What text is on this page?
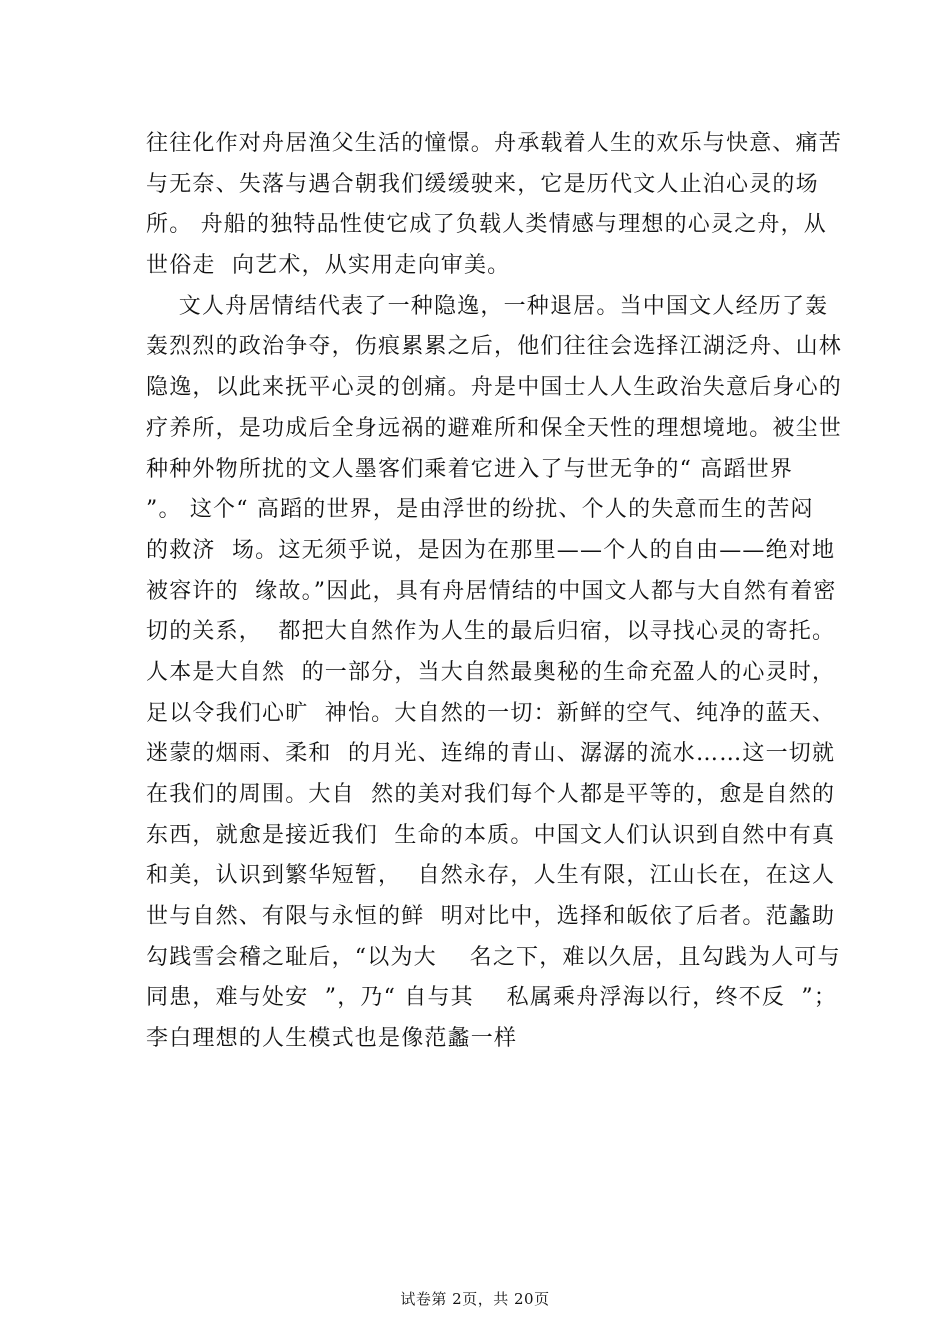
往往化作对舟居渔父生活的憧憬。舟承载着人生的欢乐与快意、痛苦
与无奈、失落与遇合朝我们缓缓驶来，它是历代文人止泊心灵的场
所。 舟船的独特品性使它成了负载人类情感与理想的心灵之舟，从
世俗走  向艺术，从实用走向审美。
文人舟居情结代表了一种隐逸，一种退居。当中国文人经历了轰
轰烈烈的政治争夺，伤痕累累之后，他们往往会选择江湖泛舟、山林
隐逸，以此来抚平心灵的创痛。舟是中国士人人生政治失意后身心的
疗养所，是功成后全身远祸的避难所和保全天性的理想境地。被尘世
种种外物所扰的文人墨客们乘着它进入了与世无争的“ 高蹈世界
”。 这个“ 高蹈的世界，是由浮世的纷扰、个人的失意而生的苦闷
的救济  场。这无须乎说，是因为在那里——个人的自由——绝对地
被容许的  缘故。”因此，具有舟居情结的中国文人都与大自然有着密
切的关系，  都把大自然作为人生的最后归宿，以寻找心灵的寄托。
人本是大自然  的一部分，当大自然最奥秘的生命充盈人的心灵时，
足以令我们心旷  神怡。大自然的一切：新鲜的空气、纯净的蓝天、
迷蒙的烟雨、柔和  的月光、连绵的青山、潺潺的流水……这一切就
在我们的周围。大自  然的美对我们每个人都是平等的，愈是自然的
东西，就愈是接近我们  生命的本质。中国文人们认识到自然中有真
和美，认识到繁华短暂，  自然永存，人生有限，江山长在，在这人
世与自然、有限与永恒的鲜  明对比中，选择和皈依了后者。范蠡助
勾践雪会稽之耻后，“以为大    名之下，难以久居，且勾践为人可与
同患，难与处安  ”，乃“ 自与其    私属乘舟浮海以行，终不反  ”；
李白理想的人生模式也是像范蠡一样
试卷第 2页，共 20页
